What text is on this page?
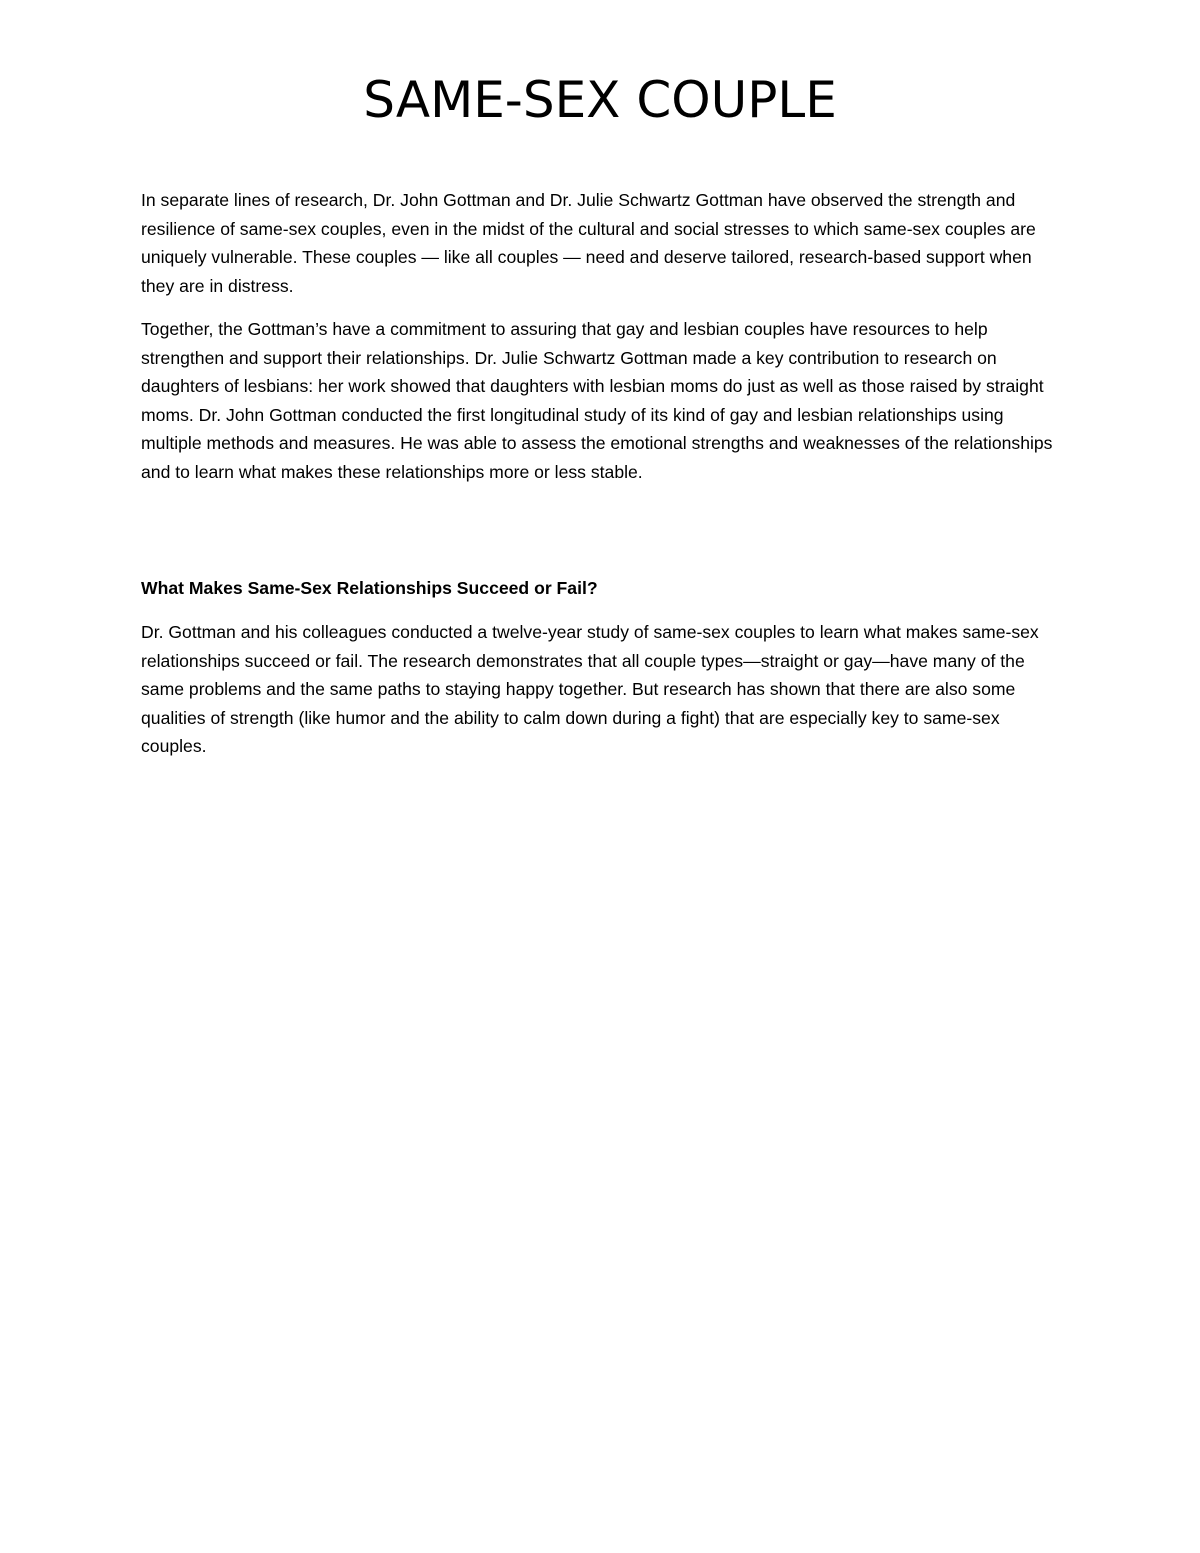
SAME-SEX COUPLE

In separate lines of research, Dr. John Gottman and Dr. Julie Schwartz Gottman have observed the strength and resilience of same-sex couples, even in the midst of the cultural and social stresses to which same-sex couples are uniquely vulnerable. These couples — like all couples — need and deserve tailored, research-based support when they are in distress.

Together, the Gottman’s have a commitment to assuring that gay and lesbian couples have resources to help strengthen and support their relationships. Dr. Julie Schwartz Gottman made a key contribution to research on daughters of lesbians: her work showed that daughters with lesbian moms do just as well as those raised by straight moms. Dr. John Gottman conducted the first longitudinal study of its kind of gay and lesbian relationships using multiple methods and measures. He was able to assess the emotional strengths and weaknesses of the relationships and to learn what makes these relationships more or less stable.

What Makes Same-Sex Relationships Succeed or Fail?

Dr. Gottman and his colleagues conducted a twelve-year study of same-sex couples to learn what makes same-sex relationships succeed or fail. The research demonstrates that all couple types—straight or gay—have many of the same problems and the same paths to staying happy together. But research has shown that there are also some qualities of strength (like humor and the ability to calm down during a fight) that are especially key to same-sex couples.
